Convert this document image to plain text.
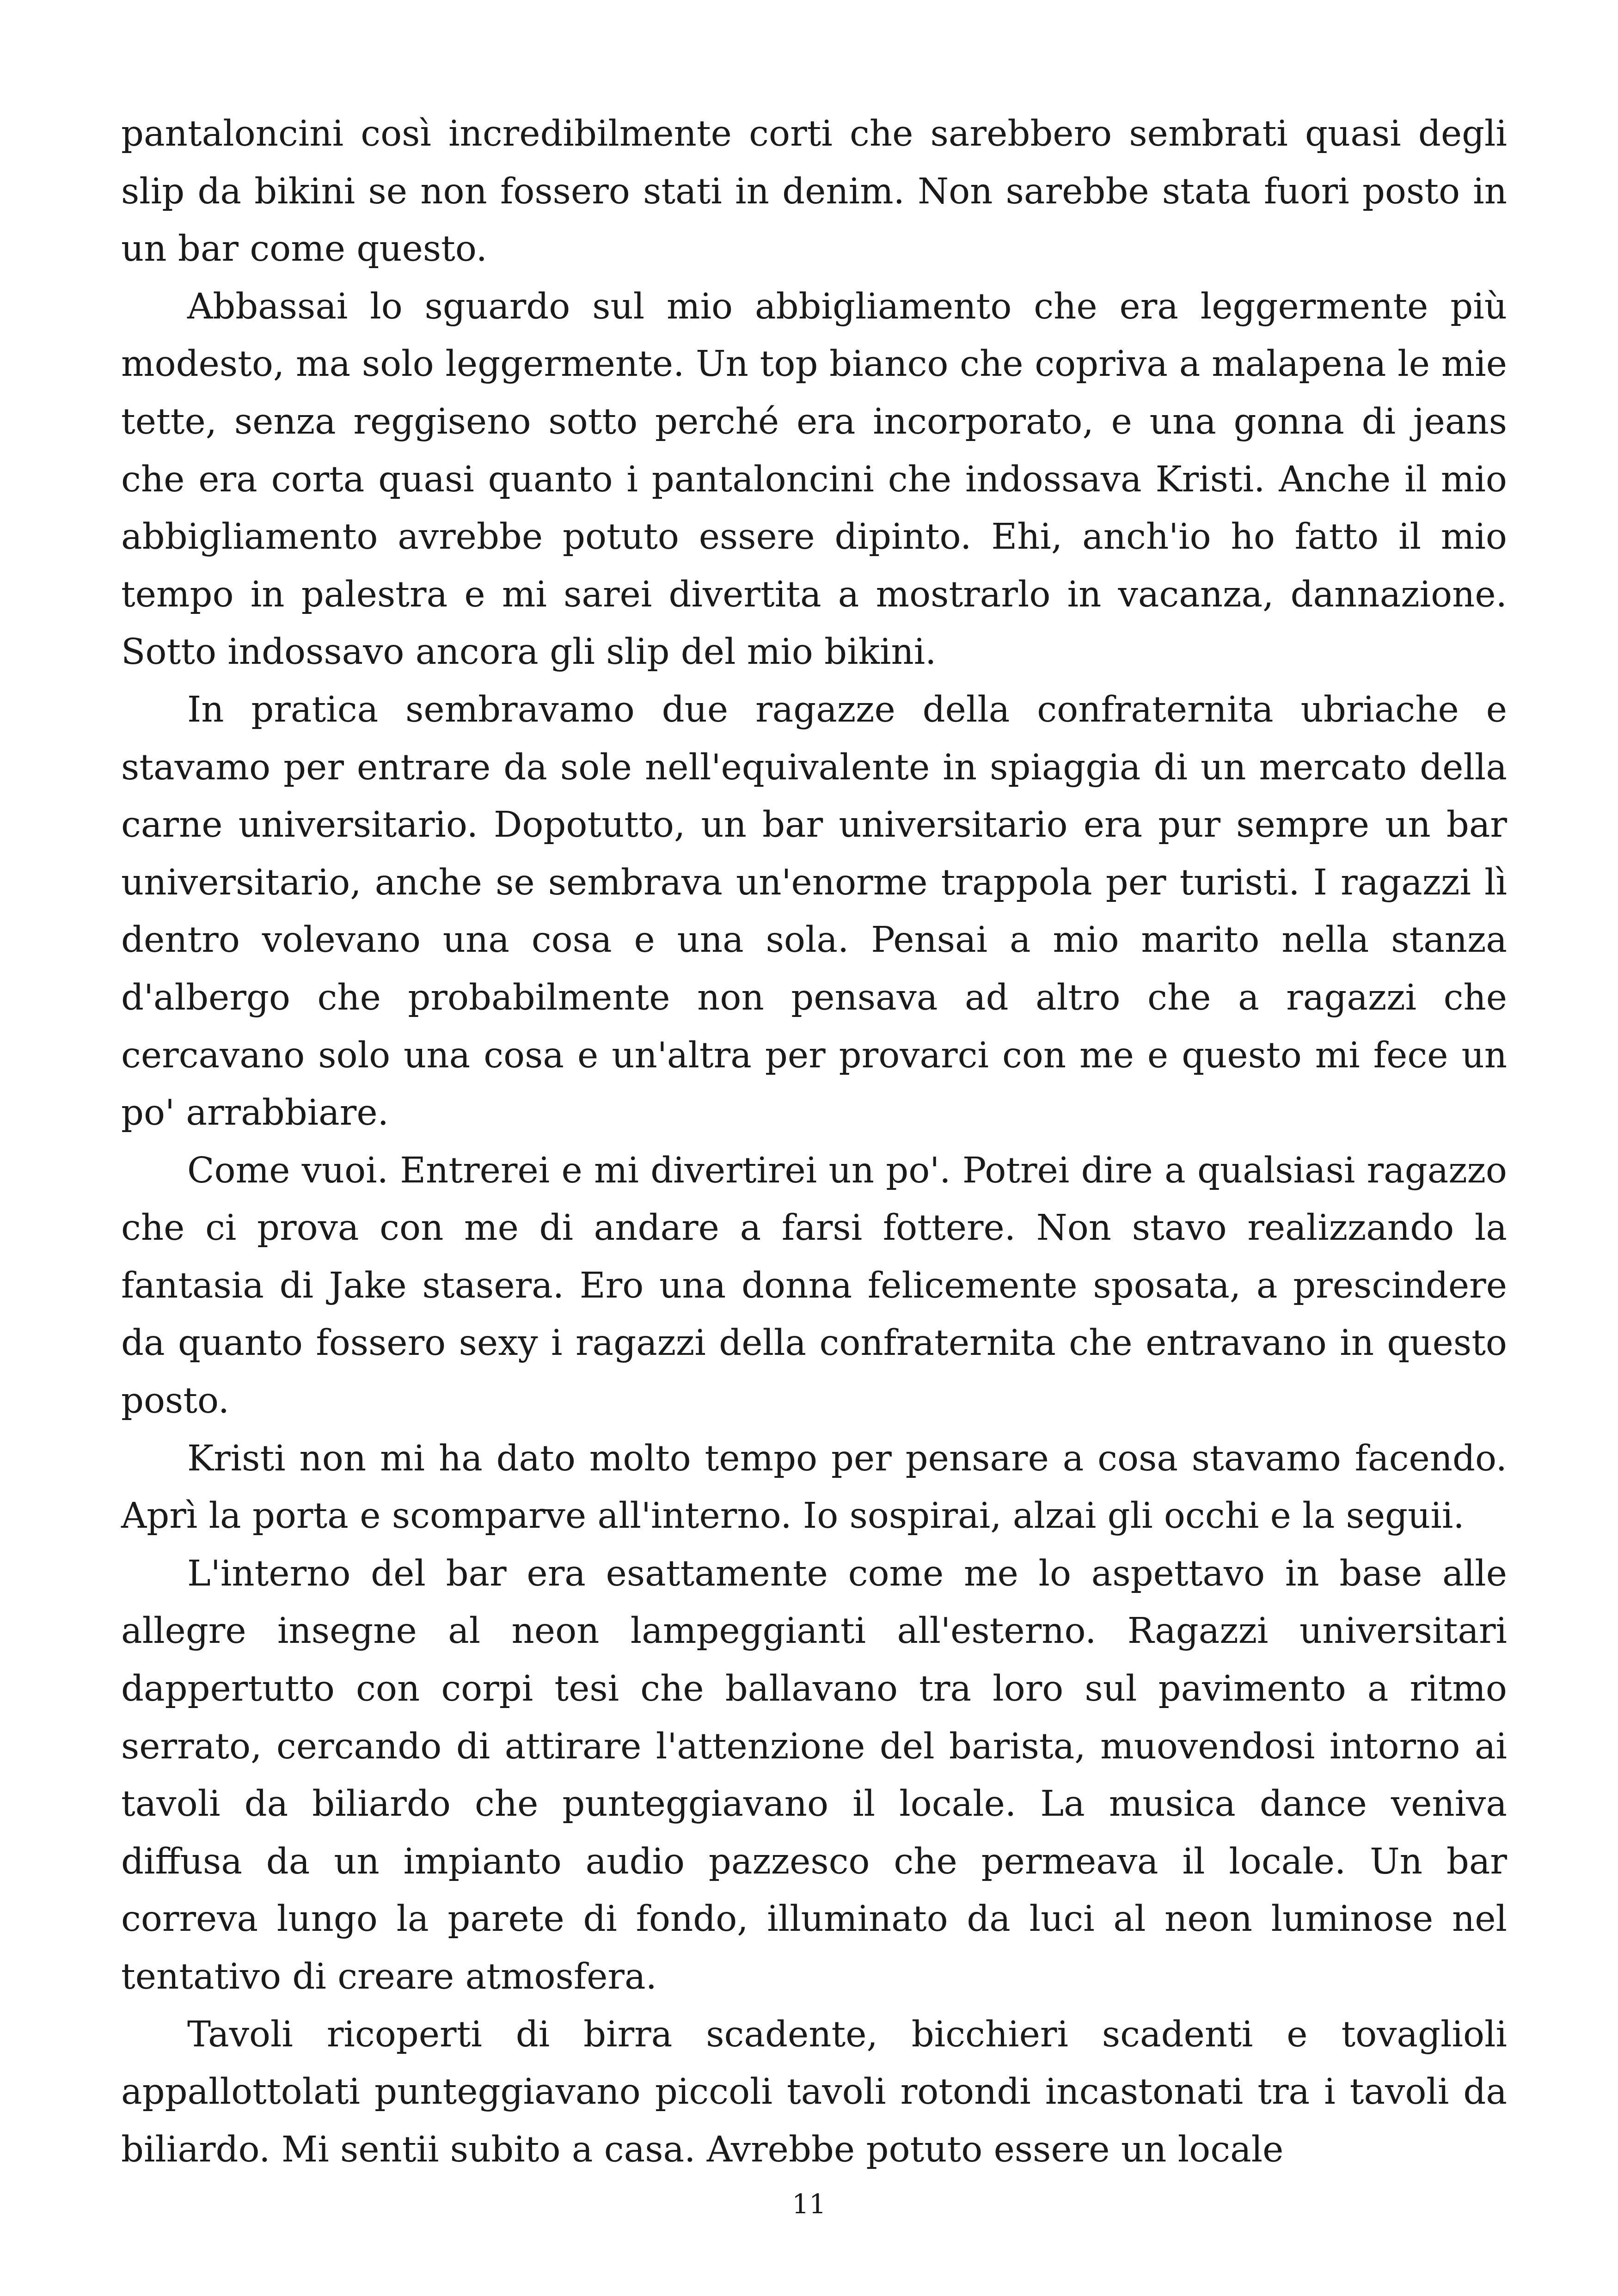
pantaloncini così incredibilmente corti che sarebbero sembrati quasi degli slip da bikini se non fossero stati in denim. Non sarebbe stata fuori posto in un bar come questo.

Abbassai lo sguardo sul mio abbigliamento che era leggermente più modesto, ma solo leggermente. Un top bianco che copriva a malapena le mie tette, senza reggiseno sotto perché era incorporato, e una gonna di jeans che era corta quasi quanto i pantaloncini che indossava Kristi. Anche il mio abbigliamento avrebbe potuto essere dipinto. Ehi, anch'io ho fatto il mio tempo in palestra e mi sarei divertita a mostrarlo in vacanza, dannazione. Sotto indossavo ancora gli slip del mio bikini.

In pratica sembravamo due ragazze della confraternita ubriache e stavamo per entrare da sole nell'equivalente in spiaggia di un mercato della carne universitario. Dopotutto, un bar universitario era pur sempre un bar universitario, anche se sembrava un'enorme trappola per turisti. I ragazzi lì dentro volevano una cosa e una sola. Pensai a mio marito nella stanza d'albergo che probabilmente non pensava ad altro che a ragazzi che cercavano solo una cosa e un'altra per provarci con me e questo mi fece un po' arrabbiare.

Come vuoi. Entrerei e mi divertirei un po'. Potrei dire a qualsiasi ragazzo che ci prova con me di andare a farsi fottere. Non stavo realizzando la fantasia di Jake stasera. Ero una donna felicemente sposata, a prescindere da quanto fossero sexy i ragazzi della confraternita che entravano in questo posto.

Kristi non mi ha dato molto tempo per pensare a cosa stavamo facendo. Aprì la porta e scomparve all'interno. Io sospirai, alzai gli occhi e la seguii.

L'interno del bar era esattamente come me lo aspettavo in base alle allegre insegne al neon lampeggianti all'esterno. Ragazzi universitari dappertutto con corpi tesi che ballavano tra loro sul pavimento a ritmo serrato, cercando di attirare l'attenzione del barista, muovendosi intorno ai tavoli da biliardo che punteggiavano il locale. La musica dance veniva diffusa da un impianto audio pazzesco che permeava il locale. Un bar correva lungo la parete di fondo, illuminato da luci al neon luminose nel tentativo di creare atmosfera.

Tavoli ricoperti di birra scadente, bicchieri scadenti e tovaglioli appallottolati punteggiavano piccoli tavoli rotondi incastonati tra i tavoli da biliardo. Mi sentii subito a casa. Avrebbe potuto essere un locale

11
